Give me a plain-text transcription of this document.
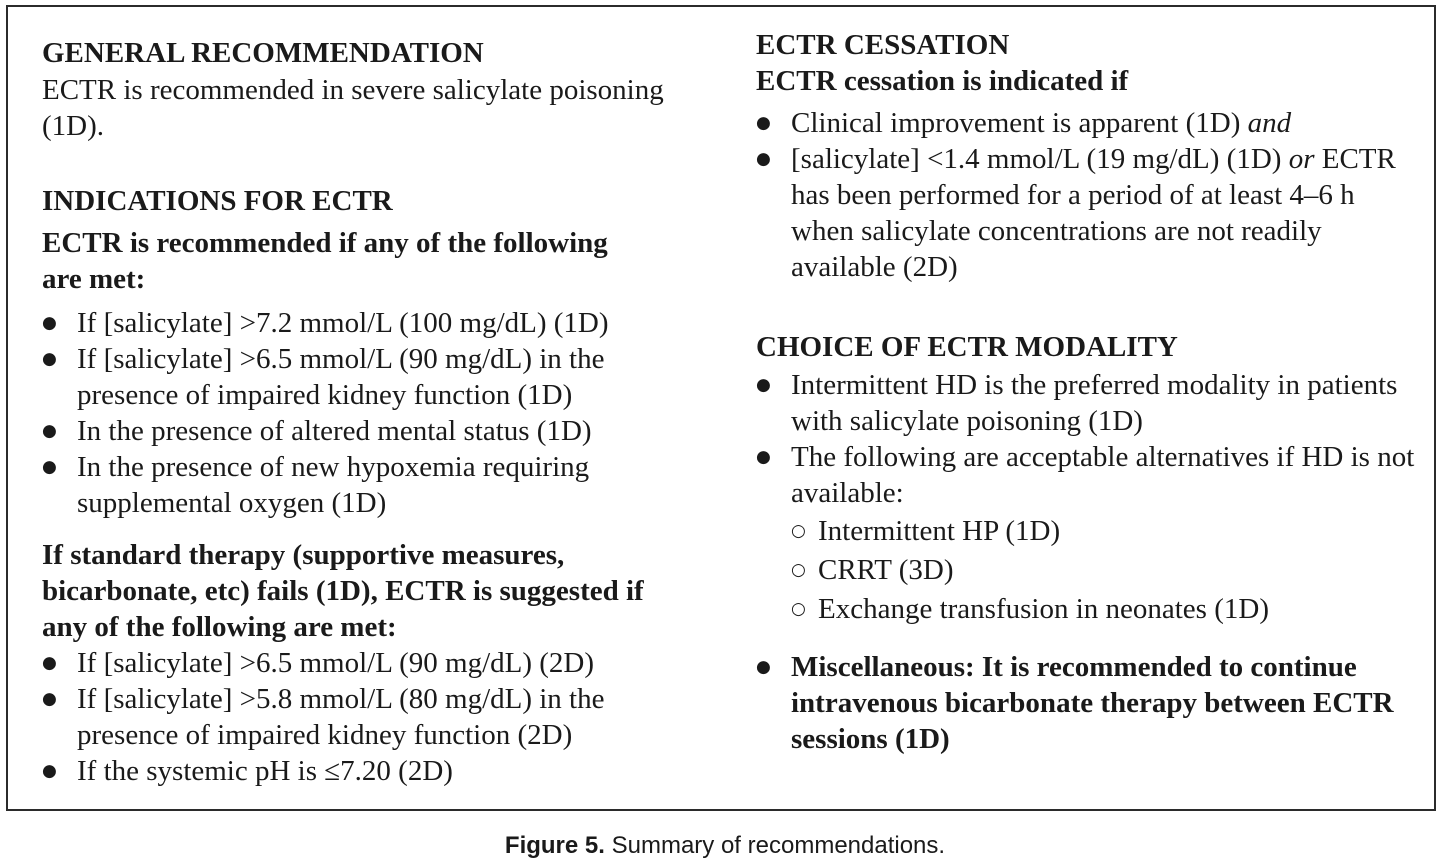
GENERAL RECOMMENDATION

ECTR is recommended in severe salicylate poisoning (1D).

INDICATIONS FOR ECTR
ECTR is recommended if any of the following are met:
● If [salicylate] >7.2 mmol/L (100 mg/dL) (1D)
● If [salicylate] >6.5 mmol/L (90 mg/dL) in the presence of impaired kidney function (1D)
● In the presence of altered mental status (1D)
● In the presence of new hypoxemia requiring supplemental oxygen (1D)
If standard therapy (supportive measures, bicarbonate, etc) fails (1D), ECTR is suggested if any of the following are met:
● If [salicylate] >6.5 mmol/L (90 mg/dL) (2D)
● If [salicylate] >5.8 mmol/L (80 mg/dL) in the presence of impaired kidney function (2D)
● If the systemic pH is ≤7.20 (2D)
ECTR CESSATION
ECTR cessation is indicated if
● Clinical improvement is apparent (1D) and
● [salicylate] <1.4 mmol/L (19 mg/dL) (1D) or ECTR has been performed for a period of at least 4–6 h when salicylate concentrations are not readily available (2D)
CHOICE OF ECTR MODALITY
● Intermittent HD is the preferred modality in patients with salicylate poisoning (1D)
● The following are acceptable alternatives if HD is not available:
○ Intermittent HP (1D)
○ CRRT (3D)
○ Exchange transfusion in neonates (1D)
● Miscellaneous: It is recommended to continue intravenous bicarbonate therapy between ECTR sessions (1D)
Figure 5. Summary of recommendations.
